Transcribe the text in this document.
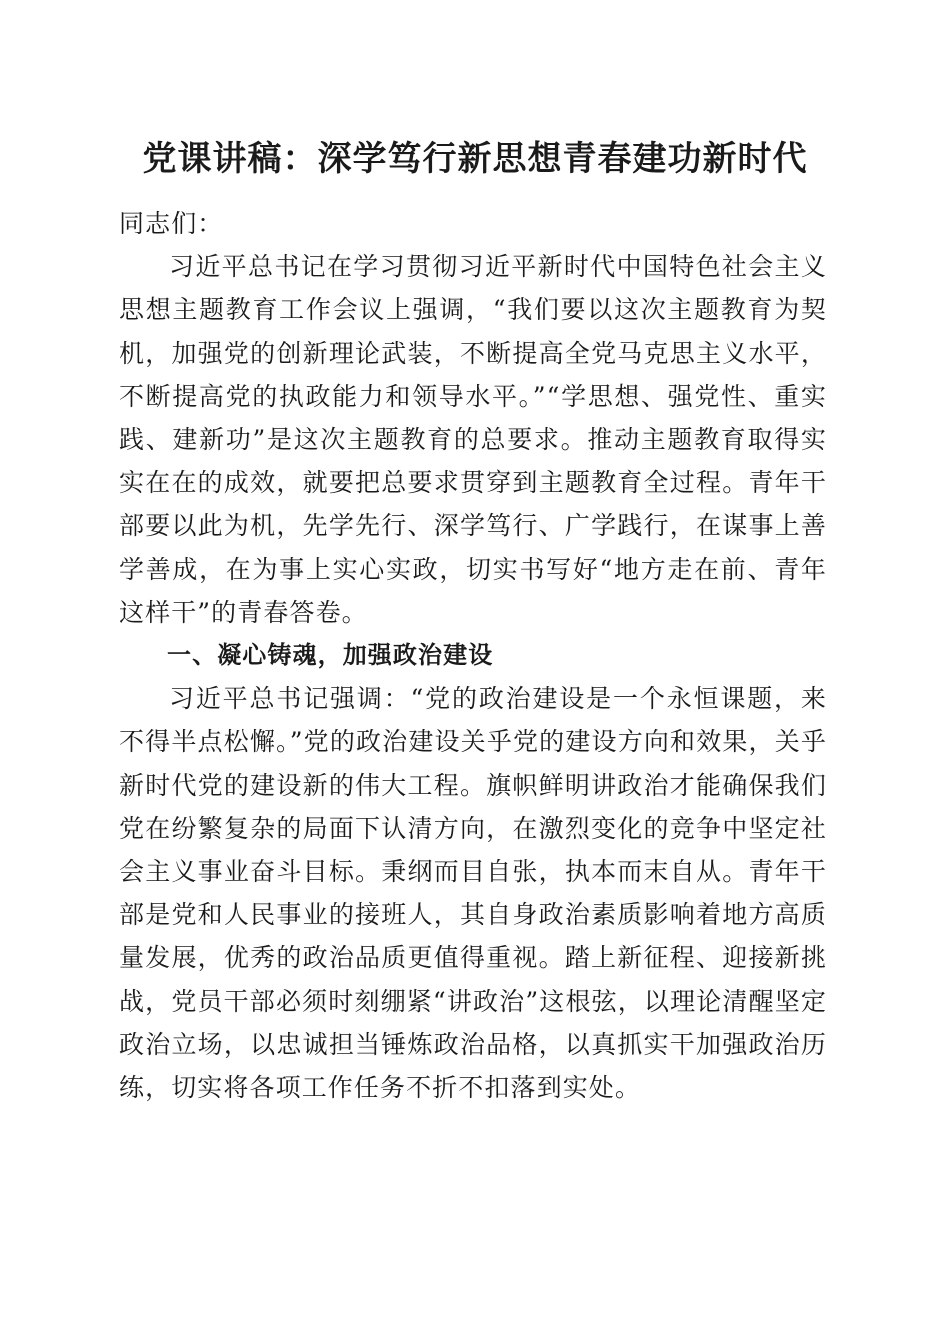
党课讲稿：深学笃行新思想青春建功新时代

同志们：

习近平总书记在学习贯彻习近平新时代中国特色社会主义思想主题教育工作会议上强调，“我们要以这次主题教育为契机，加强党的创新理论武装，不断提高全党马克思主义水平，不断提高党的执政能力和领导水平。”“学思想、强党性、重实践、建新功”是这次主题教育的总要求。推动主题教育取得实实在在的成效，就要把总要求贯穿到主题教育全过程。青年干部要以此为机，先学先行、深学笃行、广学践行，在谋事上善学善成，在为事上实心实政，切实书写好“地方走在前、青年这样干”的青春答卷。

一、凝心铸魂，加强政治建设

习近平总书记强调：“党的政治建设是一个永恒课题，来不得半点松懈。”党的政治建设关乎党的建设方向和效果，关乎新时代党的建设新的伟大工程。旗帜鲜明讲政治才能确保我们党在纷繁复杂的局面下认清方向，在激烈变化的竞争中坚定社会主义事业奋斗目标。秉纲而目自张，执本而末自从。青年干部是党和人民事业的接班人，其自身政治素质影响着地方高质量发展，优秀的政治品质更值得重视。踏上新征程、迎接新挑战，党员干部必须时刻绷紧“讲政治”这根弦，以理论清醒坚定政治立场，以忠诚担当锤炼政治品格，以真抓实干加强政治历练，切实将各项工作任务不折不扣落到实处。
